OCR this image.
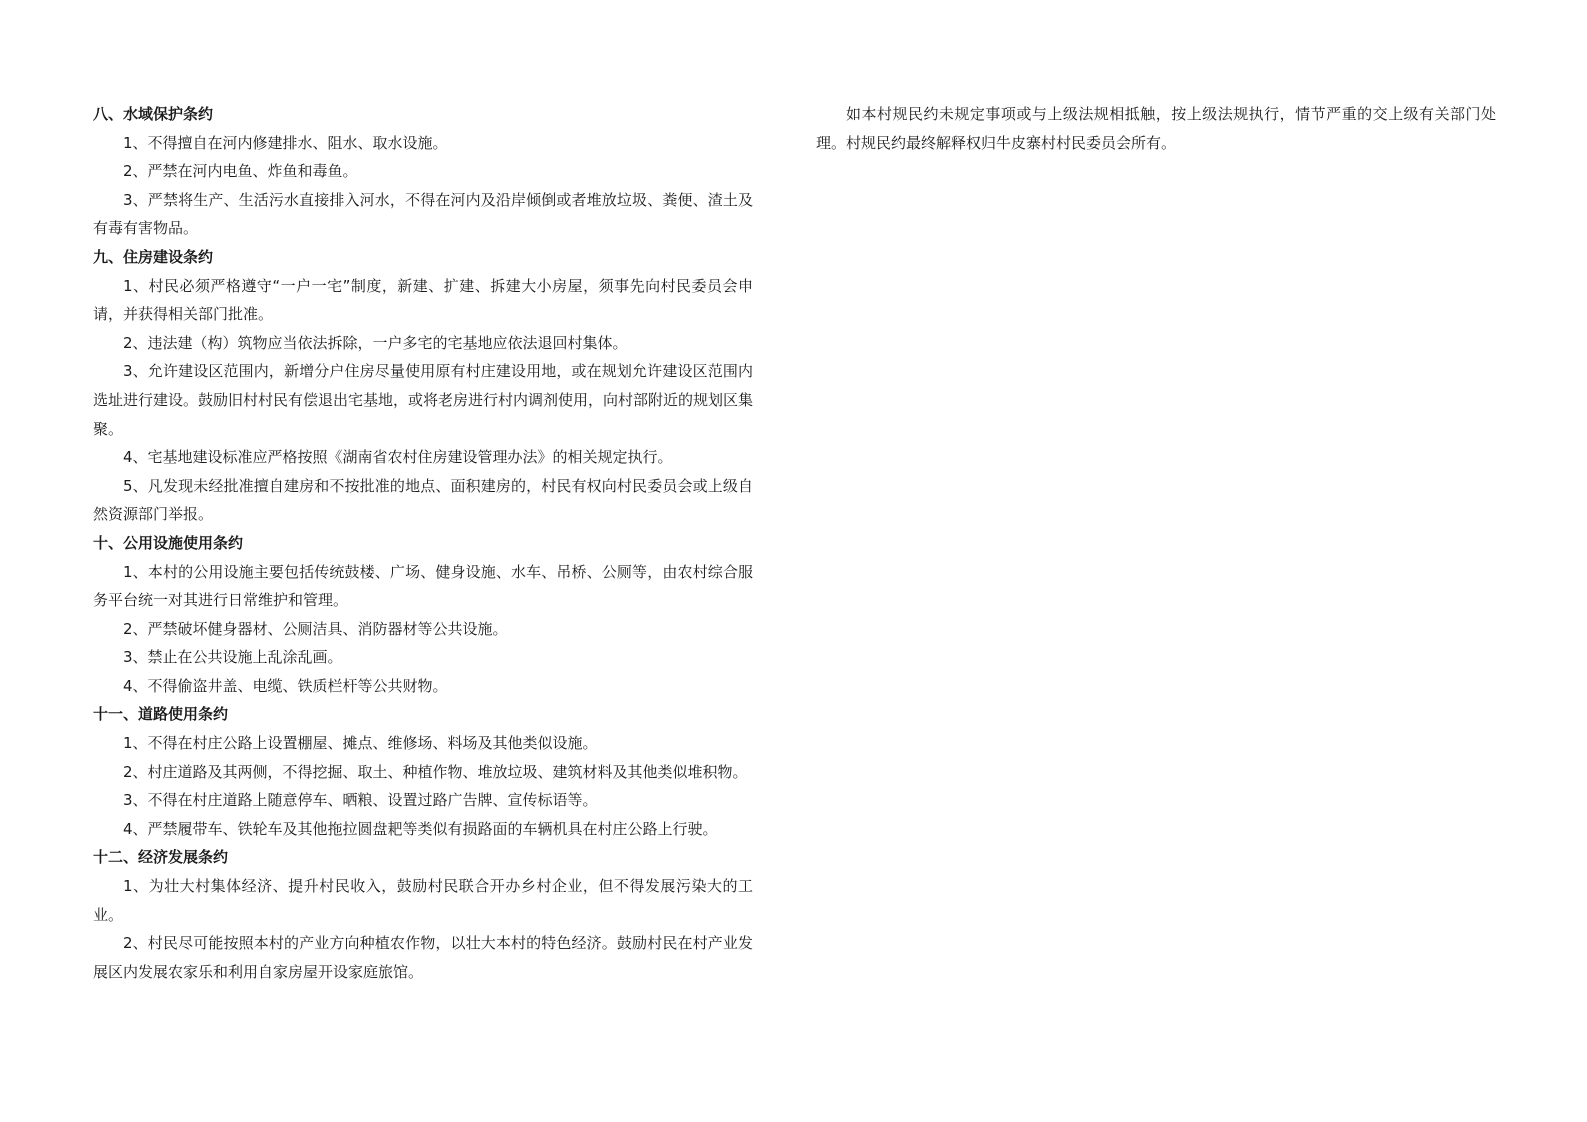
八、水域保护条约

1、不得擅自在河内修建排水、阻水、取水设施。

2、严禁在河内电鱼、炸鱼和毒鱼。

3、严禁将生产、生活污水直接排入河水，不得在河内及沿岸倾倒或者堆放垃圾、粪便、渣土及有毒有害物品。

九、住房建设条约

1、村民必须严格遵守“一户一宅”制度，新建、扩建、拆建大小房屋，须事先向村民委员会申请，并获得相关部门批准。

2、违法建（构）筑物应当依法拆除，一户多宅的宅基地应依法退回村集体。

3、允许建设区范围内，新增分户住房尽量使用原有村庄建设用地，或在规划允许建设区范围内选址进行建设。鼓励旧村村民有偿退出宅基地，或将老房进行村内调剂使用，向村部附近的规划区集聚。

4、宅基地建设标准应严格按照《湖南省农村住房建设管理办法》的相关规定执行。

5、凡发现未经批准擅自建房和不按批准的地点、面积建房的，村民有权向村民委员会或上级自然资源部门举报。

十、公用设施使用条约

1、本村的公用设施主要包括传统鼓楼、广场、健身设施、水车、吊桥、公厕等，由农村综合服务平台统一对其进行日常维护和管理。

2、严禁破坏健身器材、公厕洁具、消防器材等公共设施。

3、禁止在公共设施上乱涂乱画。

4、不得偷盗井盖、电缆、铁质栏杆等公共财物。

十一、道路使用条约

1、不得在村庄公路上设置棚屋、摊点、维修场、料场及其他类似设施。

2、村庄道路及其两侧，不得挖掘、取土、种植作物、堆放垃圾、建筑材料及其他类似堆积物。

3、不得在村庄道路上随意停车、晒粮、设置过路广告牌、宣传标语等。

4、严禁履带车、铁轮车及其他拖拉圆盘耙等类似有损路面的车辆机具在村庄公路上行驶。

十二、经济发展条约

1、为壮大村集体经济、提升村民收入，鼓励村民联合开办乡村企业，但不得发展污染大的工业。

2、村民尽可能按照本村的产业方向种植农作物，以壮大本村的特色经济。鼓励村民在村产业发展区内发展农家乐和利用自家房屋开设家庭旅馆。

如本村规民约未规定事项或与上级法规相抵触，按上级法规执行，情节严重的交上级有关部门处理。村规民约最终解释权归牛皮寨村村民委员会所有。
